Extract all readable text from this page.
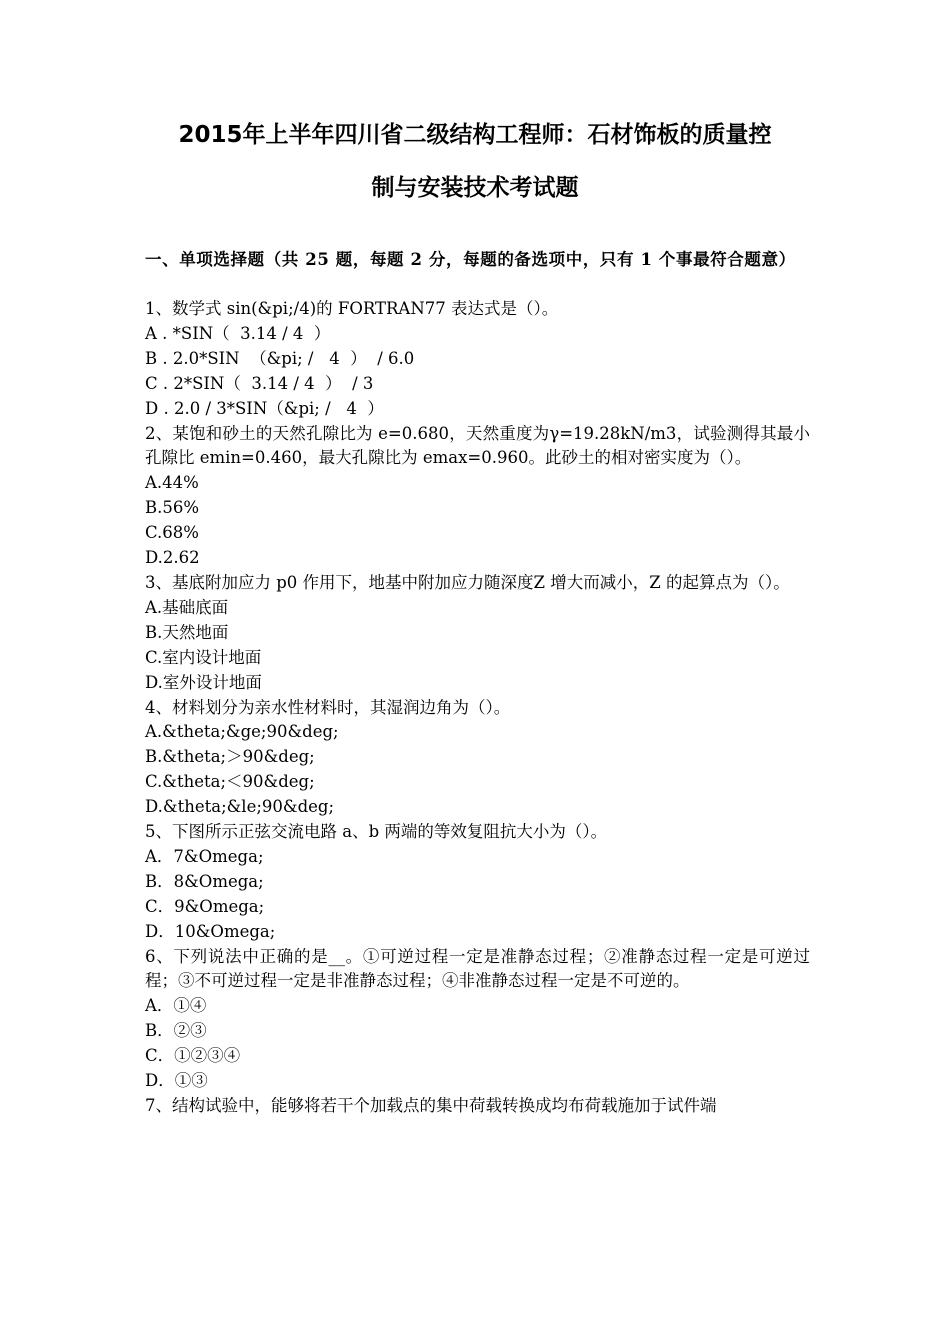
2015年上半年四川省二级结构工程师：石材饰板的质量控
制与安装技术考试题

一、单项选择题（共 25 题，每题 2 分，每题的备选项中，只有 1 个事最符合题意）

1、数学式 sin(&pi;/4)的 FORTRAN77 表达式是（）。

A . *SIN（  3.14 / 4  ）

B . 2.0*SIN  （&pi; /   4  ）  / 6.0

C . 2*SIN（  3.14 / 4  ）  / 3

D . 2.0 / 3*SIN（&pi; /   4  ）

2、某饱和砂土的天然孔隙比为 e=0.680，天然重度为γ=19.28kN/m3，试验测得其最小孔隙比 emin=0.460，最大孔隙比为 emax=0.960。此砂土的相对密实度为（）。

A.44%

B.56%

C.68%

D.2.62

3、基底附加应力 p0 作用下，地基中附加应力随深度Z 增大而减小，Z 的起算点为（）。

A.基础底面

B.天然地面

C.室内设计地面

D.室外设计地面

4、材料划分为亲水性材料时，其湿润边角为（）。

A.&theta;&ge;90&deg;

B.&theta;＞90&deg;

C.&theta;＜90&deg;

D.&theta;&le;90&deg;

5、下图所示正弦交流电路 a、b 两端的等效复阻抗大小为（）。

A．7&Omega;

B．8&Omega;

C．9&Omega;

D．10&Omega;

6、下列说法中正确的是__。①可逆过程一定是准静态过程；②准静态过程一定是可逆过程；③不可逆过程一定是非准静态过程；④非准静态过程一定是不可逆的。

A．①④

B．②③

C．①②③④

D．①③

7、结构试验中，能够将若干个加载点的集中荷载转换成均布荷载施加于试件端
